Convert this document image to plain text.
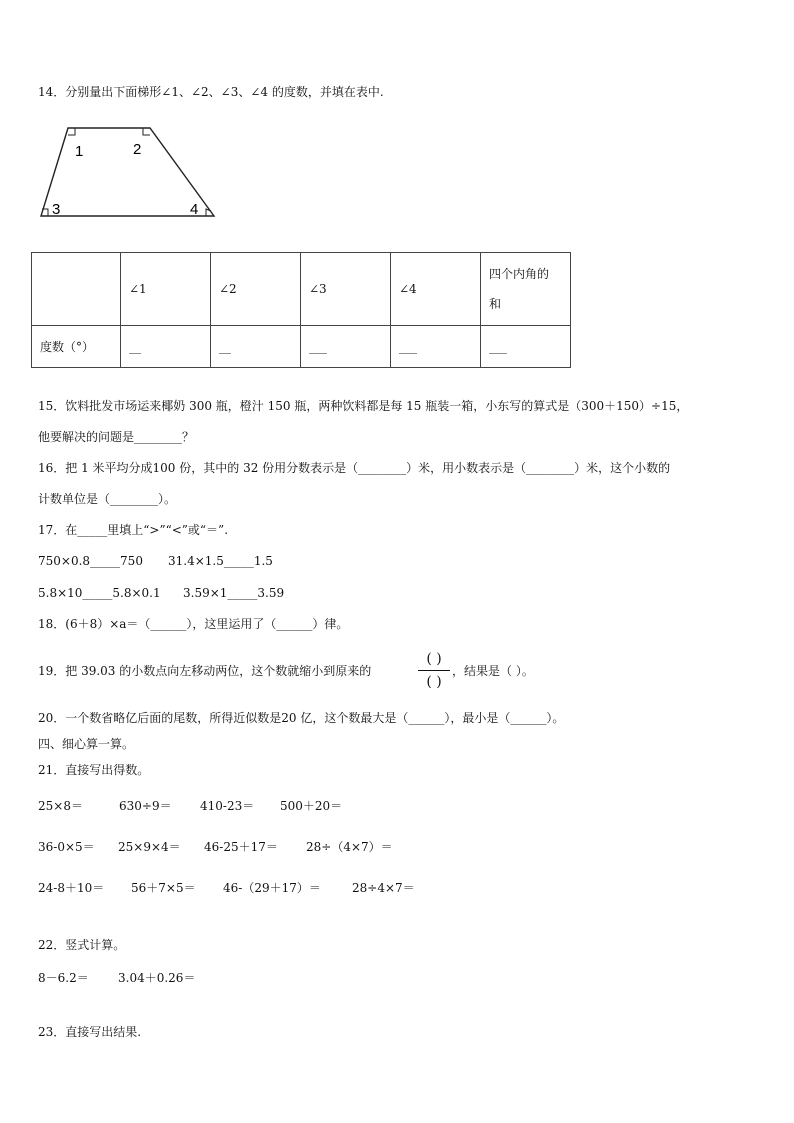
14．分别量出下面梯形∠1、∠2、∠3、∠4 的度数，并填在表中.
1	2
3	4
	∠1	∠2	∠3	∠4	四个内角的
和

度数（°）	__	__	___	___	___
15．饮料批发市场运来椰奶 300 瓶，橙汁 150 瓶，两种饮料都是每 15 瓶装一箱，小东写的算式是（300＋150）÷15，
他要解决的问题是________？
16．把 1 米平均分成100 份，其中的 32 份用分数表示是（________）米，用小数表示是（________）米，这个小数的
计数单位是（________）。
17．在_____里填上“>”“<”或“＝”.
750×0.8_____750 31.4×1.5_____1.5
5.8×10_____5.8×0.1 3.59×1_____3.59
18．(6＋8）×a＝（______），这里运用了（______）律。
19．把 39.03 的小数点向左移动两位，这个数就缩小到原来的
( )
( )
，结果是（ ）。
20．一个数省略亿后面的尾数，所得近似数是20 亿，这个数最大是（______），最小是（______）。
四、细心算一算。
21．直接写出得数。
25×8＝	630÷9＝ 410-23＝ 500＋20＝
36-0×5＝ 25×9×4＝ 46-25＋17＝ 28÷（4×7）＝
24-8＋10＝ 56＋7×5＝ 46-（29＋17）＝	28÷4×7＝
22．竖式计算。
8－6.2＝ 3.04＋0.26＝
23．直接写出结果.
